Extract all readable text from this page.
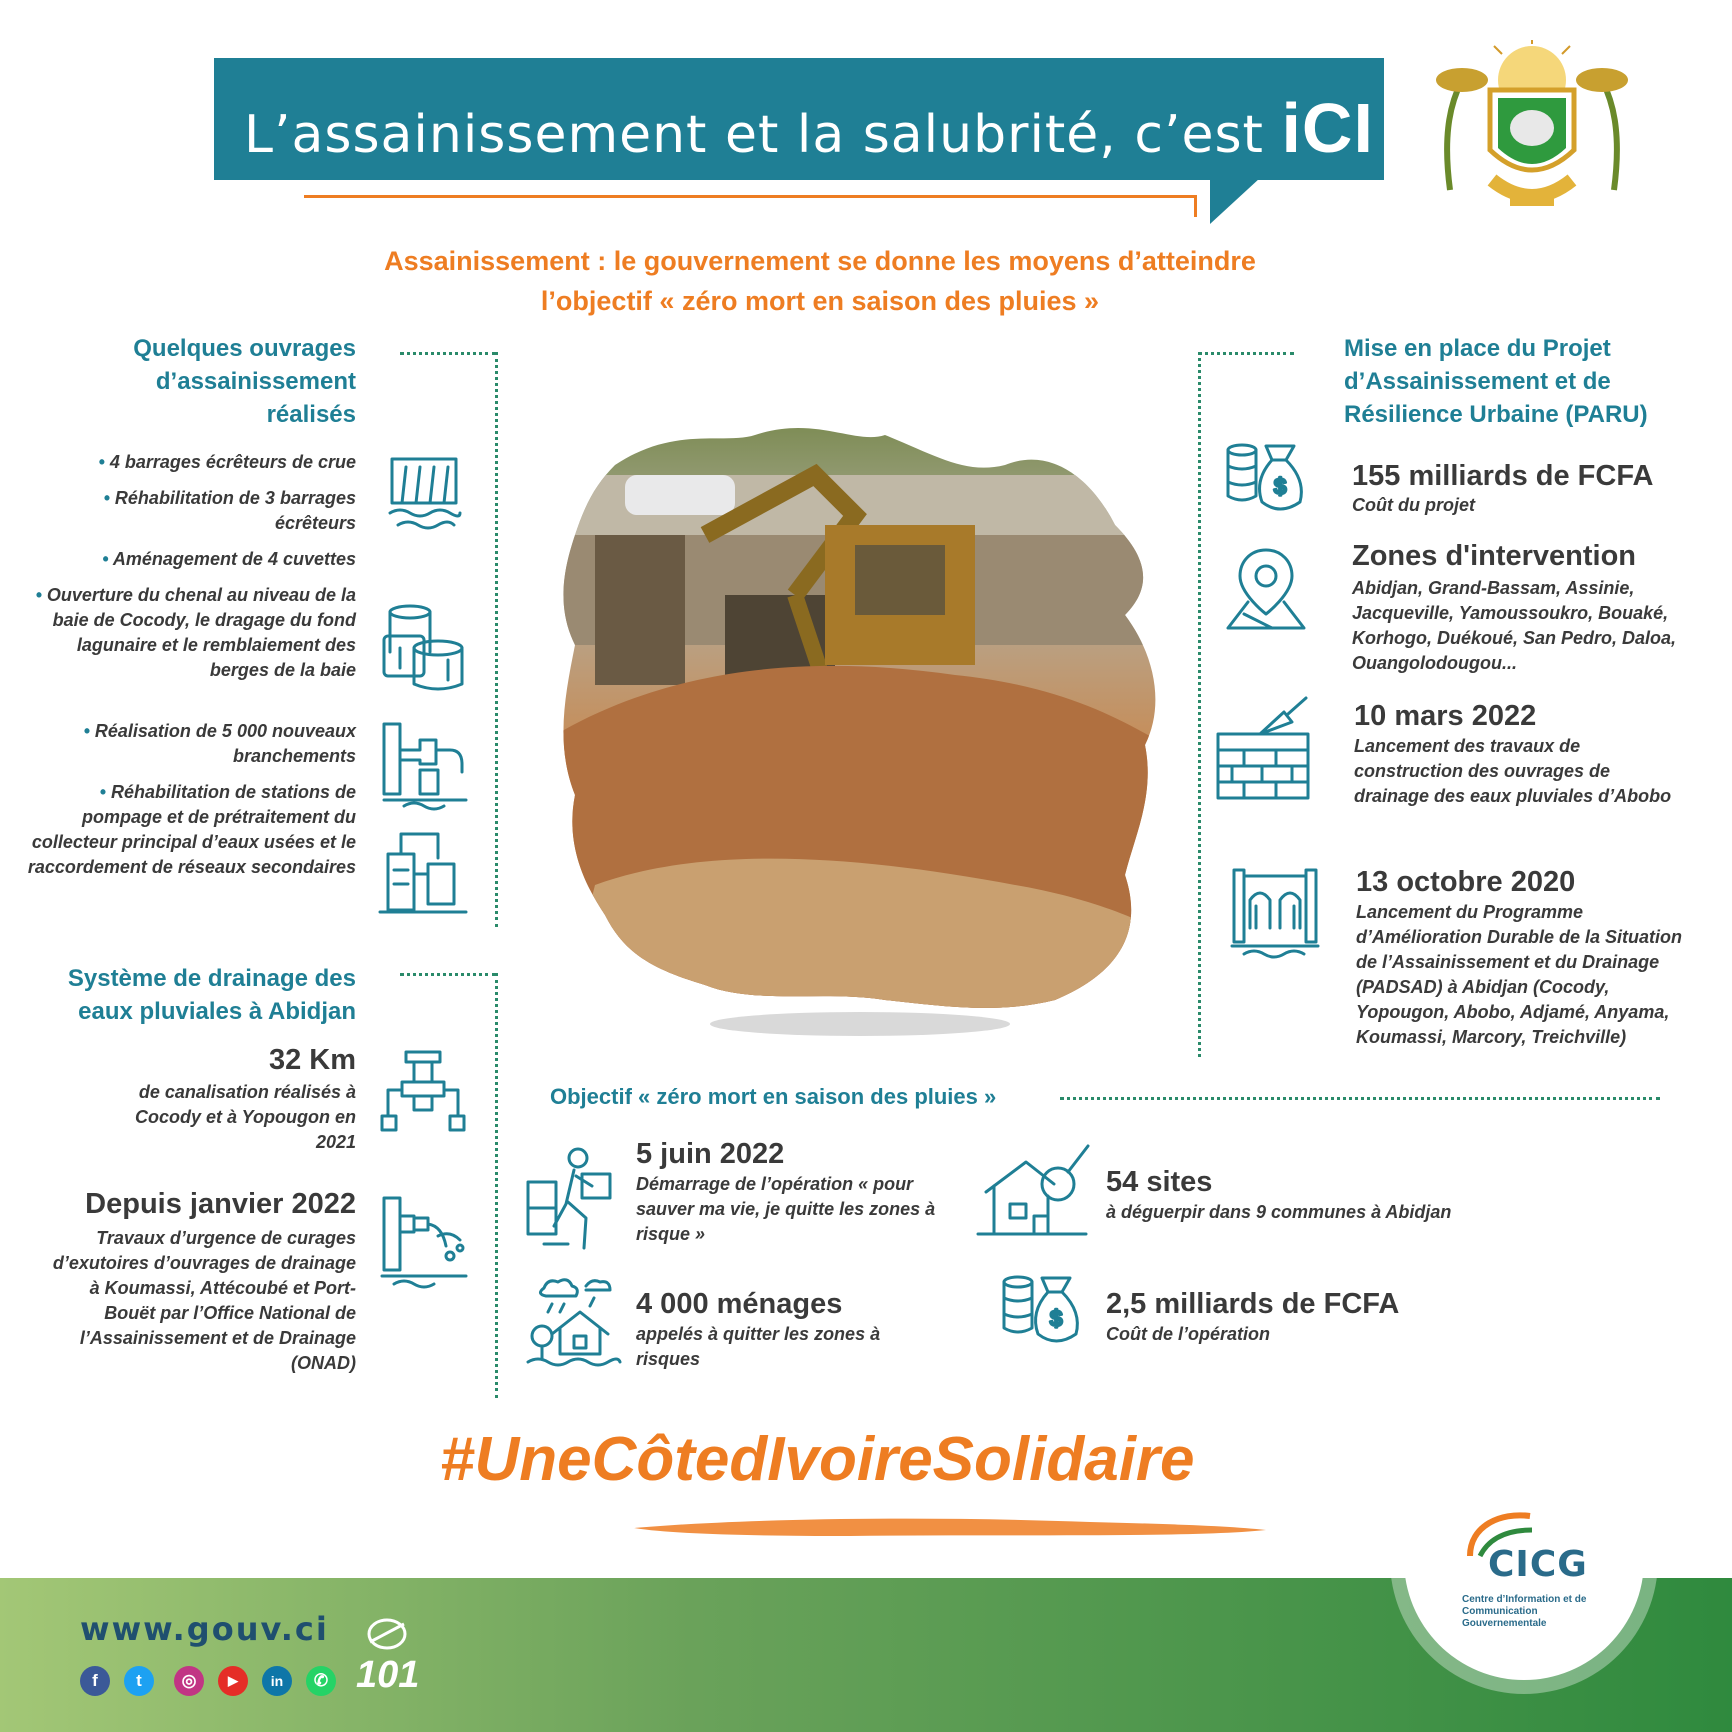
L’assainissement et la salubrité, c’est iCI
Assainissement : le gouvernement se donne les moyens d’atteindre
l’objectif « zéro mort en saison des pluies »
Quelques ouvrages d’assainissement réalisés
• 4 barrages écrêteurs de crue
• Réhabilitation de 3 barrages écrêteurs
• Aménagement de 4 cuvettes
• Ouverture du chenal au niveau de la baie de Cocody, le dragage du fond lagunaire et le remblaiement des berges de la baie
• Réalisation de 5 000 nouveaux branchements
• Réhabilitation de stations de pompage et de prétraitement du collecteur principal d’eaux usées et le raccordement de réseaux secondaires
Système de drainage des eaux pluviales à Abidjan
32 Km
de canalisation réalisés à Cocody et à Yopougon en 2021
Depuis janvier 2022
Travaux d’urgence de curages d’exutoires d’ouvrages de drainage à Koumassi, Attécoubé et Port-Bouët par l’Office National de l’Assainissement et de Drainage (ONAD)
Mise en place du Projet d’Assainissement et de Résilience Urbaine (PARU)
$ 155 milliards de FCFA
Coût du projet
Zones d'intervention
Abidjan, Grand-Bassam, Assinie, Jacqueville, Yamoussoukro, Bouaké, Korhogo, Duékoué, San Pedro, Daloa, Ouangolodougou...
10 mars 2022
Lancement des travaux de construction des ouvrages de drainage des eaux pluviales d’Abobo
13 octobre 2020
Lancement du Programme d’Amélioration Durable de la Situation de l’Assainissement et du Drainage (PADSAD) à Abidjan (Cocody, Yopougon, Abobo, Adjamé, Anyama, Koumassi, Marcory, Treichville)
Objectif « zéro mort en saison des pluies »
5 juin 2022
Démarrage de l’opération « pour sauver ma vie, je quitte les zones à risque »
54 sites
à déguerpir dans 9 communes à Abidjan
4 000 ménages
appelés à quitter les zones à risques
$ 2,5 milliards de FCFA
Coût de l’opération
#UneCôtedIvoireSolidaire
www.gouv.ci
f	t	◎	▶	in	✆ 101
CICG
Centre d’Information et de Communication Gouvernementale
